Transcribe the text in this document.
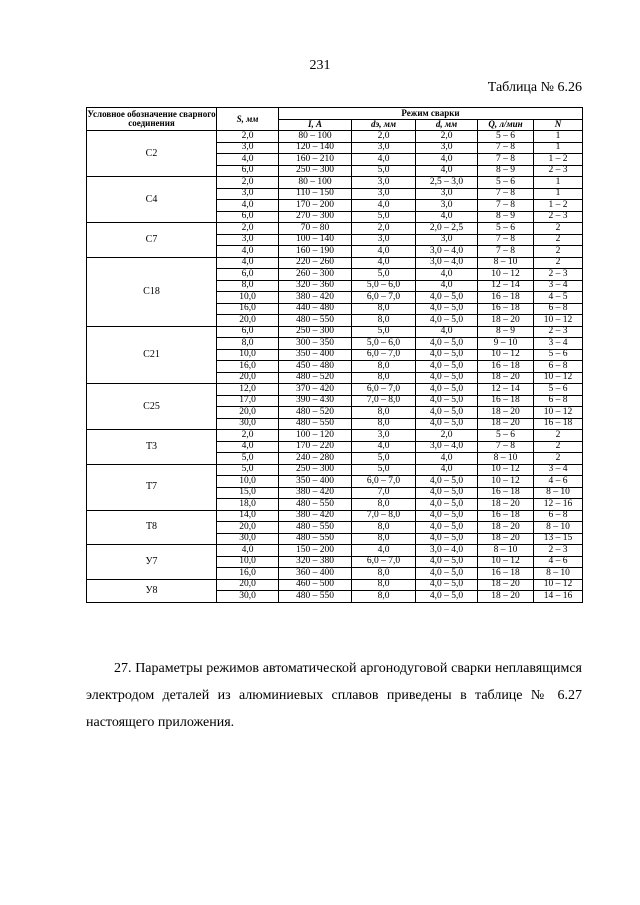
231
Таблица № 6.26
Условное обозначение сварного соединения	S, мм	Режим сварки				
		I, А	dэ, мм	d, мм	Q, л/мин	N
С2	2,0	80 – 100	2,0	2,0	5 – 6	1
	3,0	120 – 140	3,0	3,0	7 – 8	1
	4,0	160 – 210	4,0	4,0	7 – 8	1 – 2
	6,0	250 – 300	5,0	4,0	8 – 9	2 – 3
С4	2,0	80 – 100	3,0	2,5 – 3,0	5 – 6	1
	3,0	110 – 150	3,0	3,0	7 – 8	1
	4,0	170 – 200	4,0	3,0	7 – 8	1 – 2
	6,0	270 – 300	5,0	4,0	8 – 9	2 – 3
С7	2,0	70 – 80	2,0	2,0 – 2,5	5 – 6	2
	3,0	100 – 140	3,0	3,0	7 – 8	2
	4,0	160 – 190	4,0	3,0 – 4,0	7 – 8	2
С18	4,0	220 – 260	4,0	3,0 – 4,0	8 – 10	2
	6,0	260 – 300	5,0	4,0	10 – 12	2 – 3
	8,0	320 – 360	5,0 – 6,0	4,0	12 – 14	3 – 4
	10,0	380 – 420	6,0 – 7,0	4,0 – 5,0	16 – 18	4 – 5
	16,0	440 – 480	8,0	4,0 – 5,0	16 – 18	6 – 8
	20,0	480 – 550	8,0	4,0 – 5,0	18 – 20	10 – 12
С21	6,0	250 – 300	5,0	4,0	8 – 9	2 – 3
	8,0	300 – 350	5,0 – 6,0	4,0 – 5,0	9 – 10	3 – 4
	10,0	350 – 400	6,0 – 7,0	4,0 – 5,0	10 – 12	5 – 6
	16,0	450 – 480	8,0	4,0 – 5,0	16 – 18	6 – 8
	20,0	480 – 520	8,0	4,0 – 5,0	18 – 20	10 – 12
С25	12,0	370 – 420	6,0 – 7,0	4,0 – 5,0	12 – 14	5 – 6
	17,0	390 – 430	7,0 – 8,0	4,0 – 5,0	16 – 18	6 – 8
	20,0	480 – 520	8,0	4,0 – 5,0	18 – 20	10 – 12
	30,0	480 – 550	8,0	4,0 – 5,0	18 – 20	16 – 18
Т3	2,0	100 – 120	3,0	2,0	5 – 6	2
	4,0	170 – 220	4,0	3,0 – 4,0	7 – 8	2
	5,0	240 – 280	5,0	4,0	8 – 10	2
Т7	5,0	250 – 300	5,0	4,0	10 – 12	3 – 4
	10,0	350 – 400	6,0 – 7,0	4,0 – 5,0	10 – 12	4 – 6
	15,0	380 – 420	7,0	4,0 – 5,0	16 – 18	8 – 10
	18,0	480 – 550	8,0	4,0 – 5,0	18 – 20	12 – 16
Т8	14,0	380 – 420	7,0 – 8,0	4,0 – 5,0	16 – 18	6 – 8
	20,0	480 – 550	8,0	4,0 – 5,0	18 – 20	8 – 10
	30,0	480 – 550	8,0	4,0 – 5,0	18 – 20	13 – 15
У7	4,0	150 – 200	4,0	3,0 – 4,0	8 – 10	2 – 3
	10,0	320 – 380	6,0 – 7,0	4,0 – 5,0	10 – 12	4 – 6
	16,0	360 – 400	8,0	4,0 – 5,0	16 – 18	8 – 10
У8	20,0	460 – 500	8,0	4,0 – 5,0	18 – 20	10 – 12
	30,0	480 – 550	8,0	4,0 – 5,0	18 – 20	14 – 16
27. Параметры режимов автоматической аргонодуговой сварки неплавящимся электродом деталей из алюминиевых сплавов приведены в таблице № 6.27 настоящего приложения.
